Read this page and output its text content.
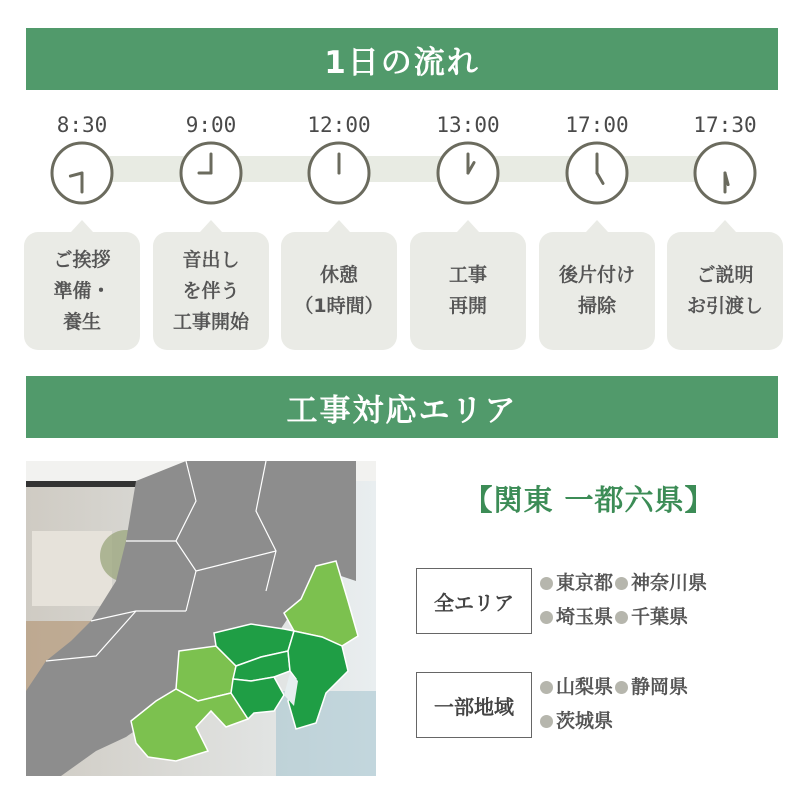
1日の流れ
8:30
ご挨拶
準備・
養生
9:00
音出し
を伴う
工事開始
12:00
休憩
（1時間）
13:00
工事
再開
17:00
後片付け
掃除
17:30
ご説明
お引渡し
工事対応エリア
【関東 一都六県】
全エリア
東京都 神奈川県
埼玉県 千葉県
一部地域
山梨県 静岡県
茨城県
